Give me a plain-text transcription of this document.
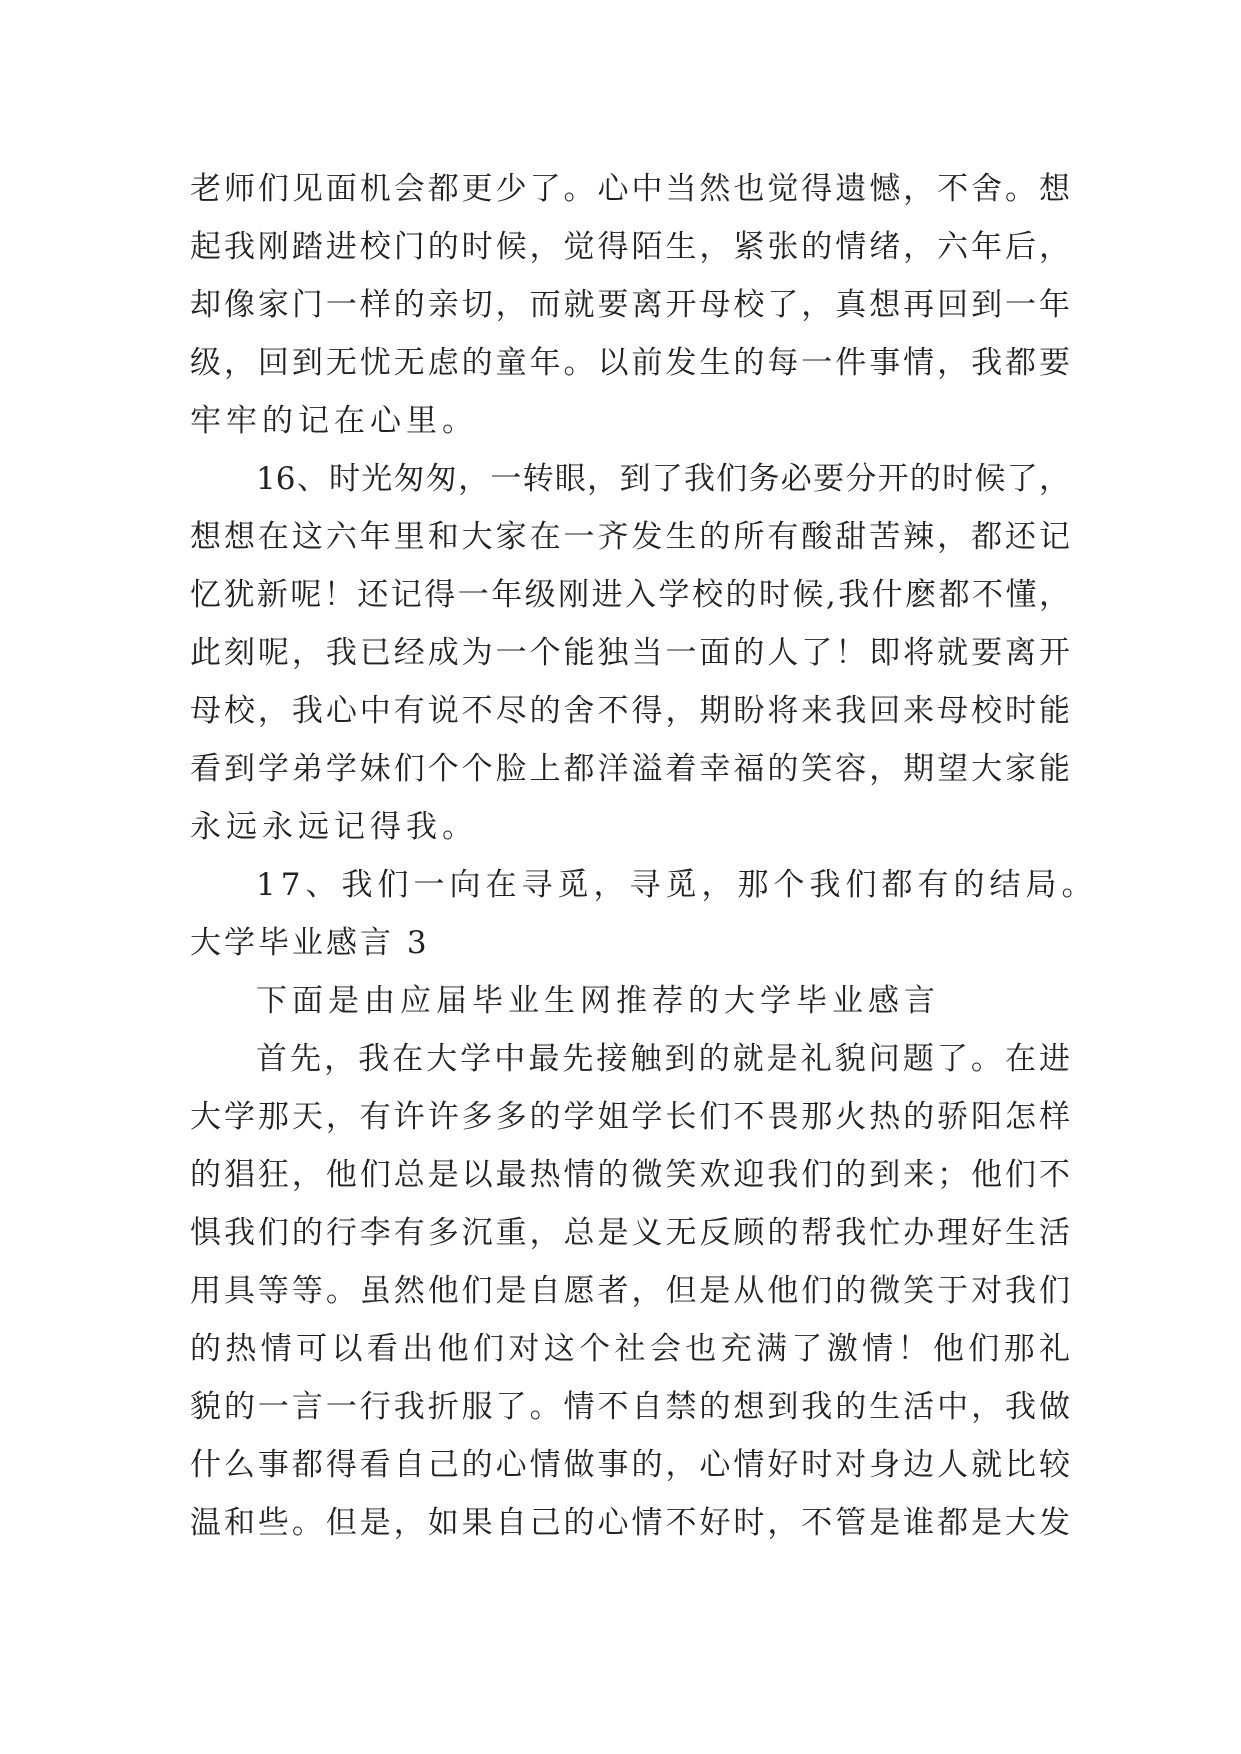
老师们见面机会都更少了。心中当然也觉得遗憾，不舍。想
起我刚踏进校门的时候，觉得陌生，紧张的情绪，六年后，
却像家门一样的亲切，而就要离开母校了，真想再回到一年
级，回到无忧无虑的童年。以前发生的每一件事情，我都要
牢牢的记在心里。
16、时光匆匆，一转眼，到了我们务必要分开的时候了，
想想在这六年里和大家在一齐发生的所有酸甜苦辣，都还记
忆犹新呢！还记得一年级刚进入学校的时候,我什麽都不懂，
此刻呢，我已经成为一个能独当一面的人了！即将就要离开
母校，我心中有说不尽的舍不得，期盼将来我回来母校时能
看到学弟学妹们个个脸上都洋溢着幸福的笑容，期望大家能
永远永远记得我。
17、我们一向在寻觅，寻觅，那个我们都有的结局。
大学毕业感言 3
下面是由应届毕业生网推荐的大学毕业感言
首先，我在大学中最先接触到的就是礼貌问题了。在进
大学那天，有许许多多的学姐学长们不畏那火热的骄阳怎样
的猖狂，他们总是以最热情的微笑欢迎我们的到来；他们不
惧我们的行李有多沉重，总是义无反顾的帮我忙办理好生活
用具等等。虽然他们是自愿者，但是从他们的微笑于对我们
的热情可以看出他们对这个社会也充满了激情！他们那礼
貌的一言一行我折服了。情不自禁的想到我的生活中，我做
什么事都得看自己的心情做事的，心情好时对身边人就比较
温和些。但是，如果自己的心情不好时，不管是谁都是大发
